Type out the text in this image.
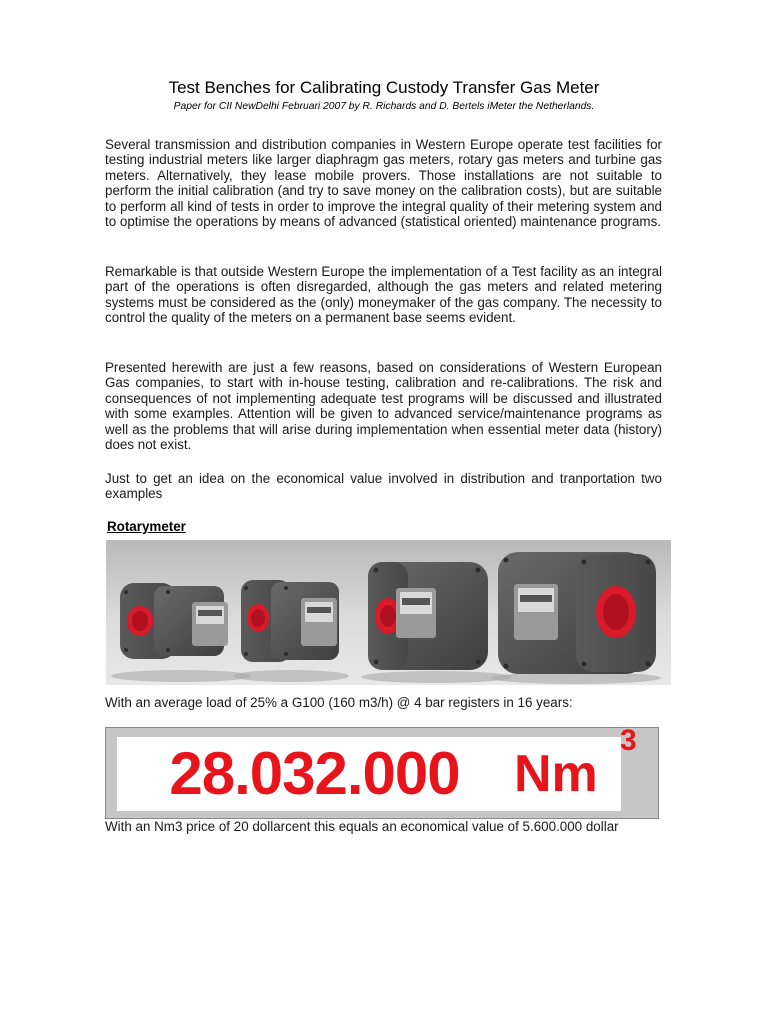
Test Benches for Calibrating Custody Transfer Gas Meter
Paper for CII NewDelhi Februari 2007 by R. Richards and D. Bertels iMeter the Netherlands.

Several transmission and distribution companies in Western Europe operate test facilities for testing industrial meters like larger diaphragm gas meters, rotary gas meters and turbine gas meters. Alternatively, they lease mobile provers. Those installations are not suitable to perform the initial calibration (and try to save money on the calibration costs), but are suitable to perform all kind of tests in order to improve the integral quality of their metering system and to optimise the operations by means of advanced (statistical oriented) maintenance programs.

Remarkable is that outside Western Europe the implementation of a Test facility as an integral part of the operations is often disregarded, although the gas meters and related metering systems must be considered as the (only) moneymaker of the gas company. The necessity to control the quality of the meters on a permanent base seems evident.

Presented herewith are just a few reasons, based on considerations of Western European Gas companies, to start with in-house testing, calibration and re-calibrations. The risk and consequences of not implementing adequate test programs will be discussed and illustrated with some examples. Attention will be given to advanced service/maintenance programs as well as the problems that will arise during implementation when essential meter data (history) does not exist.

Just to get an idea on the economical value involved in distribution and tranportation two examples

Rotarymeter

With an average load of 25% a G100 (160 m3/h) @ 4 bar registers in 16 years:

28.032.000	Nm
3

With an Nm3 price of 20 dollarcent this equals an economical value of 5.600.000 dollar
